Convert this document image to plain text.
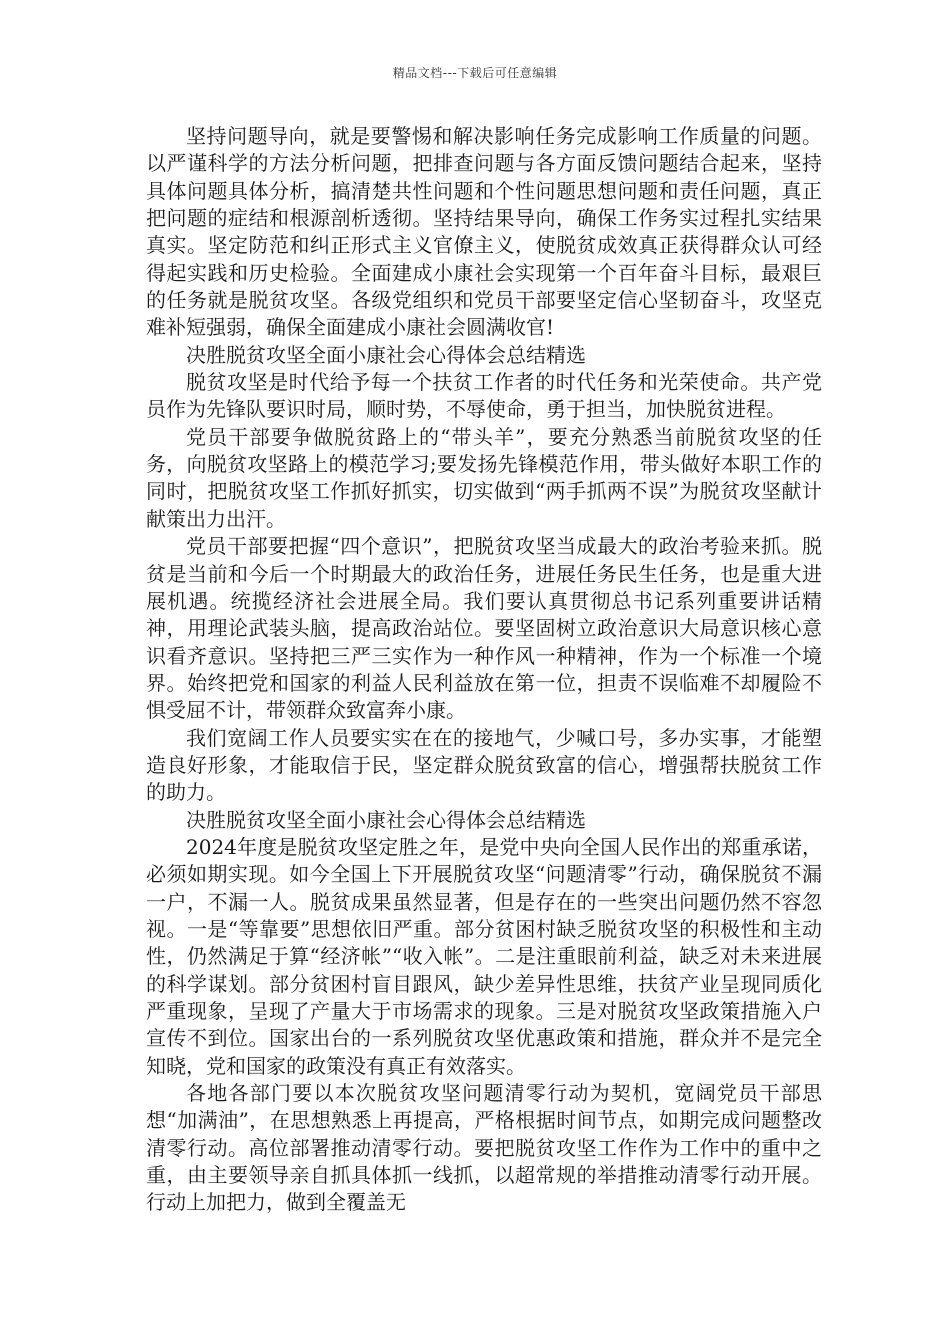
精品文档---下载后可任意编辑

坚持问题导向，就是要警惕和解决影响任务完成影响工作质量的问题。以严谨科学的方法分析问题，把排查问题与各方面反馈问题结合起来，坚持具体问题具体分析，搞清楚共性问题和个性问题思想问题和责任问题，真正把问题的症结和根源剖析透彻。坚持结果导向，确保工作务实过程扎实结果真实。坚定防范和纠正形式主义官僚主义，使脱贫成效真正获得群众认可经得起实践和历史检验。全面建成小康社会实现第一个百年奋斗目标，最艰巨的任务就是脱贫攻坚。各级党组织和党员干部要坚定信心坚韧奋斗，攻坚克难补短强弱，确保全面建成小康社会圆满收官!

决胜脱贫攻坚全面小康社会心得体会总结精选

脱贫攻坚是时代给予每一个扶贫工作者的时代任务和光荣使命。共产党员作为先锋队要识时局，顺时势，不辱使命，勇于担当，加快脱贫进程。

党员干部要争做脱贫路上的“带头羊”，要充分熟悉当前脱贫攻坚的任务，向脱贫攻坚路上的模范学习;要发扬先锋模范作用，带头做好本职工作的同时，把脱贫攻坚工作抓好抓实，切实做到“两手抓两不误”为脱贫攻坚献计献策出力出汗。

党员干部要把握“四个意识”，把脱贫攻坚当成最大的政治考验来抓。脱贫是当前和今后一个时期最大的政治任务，进展任务民生任务，也是重大进展机遇。统揽经济社会进展全局。我们要认真贯彻总书记系列重要讲话精神，用理论武装头脑，提高政治站位。要坚固树立政治意识大局意识核心意识看齐意识。坚持把三严三实作为一种作风一种精神，作为一个标准一个境界。始终把党和国家的利益人民利益放在第一位，担责不误临难不却履险不惧受屈不计，带领群众致富奔小康。

我们宽阔工作人员要实实在在的接地气，少喊口号，多办实事，才能塑造良好形象，才能取信于民，坚定群众脱贫致富的信心，增强帮扶脱贫工作的助力。

决胜脱贫攻坚全面小康社会心得体会总结精选

2024年度是脱贫攻坚定胜之年，是党中央向全国人民作出的郑重承诺，必须如期实现。如今全国上下开展脱贫攻坚“问题清零”行动，确保脱贫不漏一户，不漏一人。脱贫成果虽然显著，但是存在的一些突出问题仍然不容忽视。一是“等靠要”思想依旧严重。部分贫困村缺乏脱贫攻坚的积极性和主动性，仍然满足于算“经济帐”“收入帐”。二是注重眼前利益，缺乏对未来进展的科学谋划。部分贫困村盲目跟风，缺少差异性思维，扶贫产业呈现同质化严重现象，呈现了产量大于市场需求的现象。三是对脱贫攻坚政策措施入户宣传不到位。国家出台的一系列脱贫攻坚优惠政策和措施，群众并不是完全知晓，党和国家的政策没有真正有效落实。

各地各部门要以本次脱贫攻坚问题清零行动为契机，宽阔党员干部思想“加满油”，在思想熟悉上再提高，严格根据时间节点，如期完成问题整改清零行动。高位部署推动清零行动。要把脱贫攻坚工作作为工作中的重中之重，由主要领导亲自抓具体抓一线抓，以超常规的举措推动清零行动开展。行动上加把力，做到全覆盖无
